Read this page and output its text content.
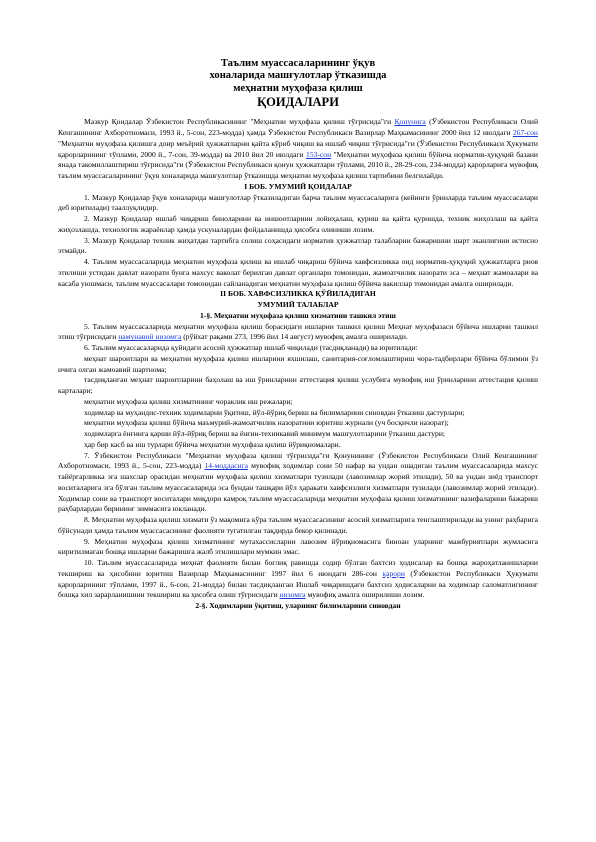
Таълим муассасаларининг ўқув

хоналарида машғулотлар ўтказишда

меҳнатни муҳофаза қилиш

ҚОИДАЛАРИ

Мазкур Қоидалар Ўзбекистон Республикасининг "Меҳнатни муҳофаза қилиш тўғрисида"ги Қонунига (Ўзбекистон Республикаси Олий Кенгашининг Ахборотномаси, 1993 й., 5-сон, 223-модда) ҳамда Ўзбекистон Республикаси Вазирлар Маҳкамасининг 2000 йил 12 июлдаги 267-сон "Меҳнатни муҳофаза қилишга доир меъёрий ҳужжатларни қайта кўриб чиқиш ва ишлаб чиқиш тўғрисида"ги (Ўзбекистон Республикаси Ҳукумати қарорларининг тўплами, 2000 й., 7-сон, 39-модда) ва 2010 йил 20 июлдаги 153-сон "Меҳнатни муҳофаза қилиш бўйича норматив-ҳуқуқий базани янада такомиллаштириш тўғрисида"ги (Ўзбекистон Республикаси қонун ҳужжатлари тўплами, 2010 й., 28-29-сон, 234-модда) қарорларига мувофиқ таълим муассасаларининг ўқув хоналарида машғулотлар ўтказишда меҳнатни муҳофаза қилиш тартибини белгилайди.

I БОБ. УМУМИЙ ҚОИДАЛАР

1. Мазкур Қоидалар ўқув хоналарида машғулотлар ўтказиладиган барча таълим муассасаларига (кейинги ўринларда таълим муассасалари деб юритилади) тааллуқлидир.

2. Мазкур Қоидалар ишлаб чиқариш биноларини ва иншоотларини лойиҳалаш, қуриш ва қайта қуришда, техник жиҳозлаш ва қайта жиҳозлашда, технологик жараёнлар ҳамда ускуналардан фойдаланишда ҳисобга олиниши лозим.

3. Мазкур Қоидалар техник жиҳатдан тартибга солиш соҳасидаги норматив ҳужжатлар талабларни бажаришни шарт эканлигини истисно этмайди.

4. Таълим муассасаларида меҳнатни муҳофаза қилиш ва ишлаб чиқариш бўйича хавфсизликка оид норматив-ҳуқуқий ҳужжатларга риоя этилиши устидан давлат назорати бунга махсус ваколат берилган давлат органлари томонидан, жамоатчилик назорати эса – меҳнат жамоалари ва касаба уюшмаси, таълим муассасалари томонидан сайланадиган меҳнатни муҳофаза қилиш бўйича вакиллар томонидан амалга оширилади.

II БОБ. ХАВФСИЗЛИККА ҚЎЙИЛАДИГАН

УМУМИЙ ТАЛАБЛАР

1-§. Меҳнатни муҳофаза қилиш хизматини ташкил этиш

5. Таълим муассасаларида меҳнатни муҳофаза қилиш борасидаги ишларни ташкил қилиш Меҳнат муҳофазаси бўйича ишларни ташкил этиш тўғрисидаги намунавий низомга (рўйхат рақами 273, 1996 йил 14 август) мувофиқ амалга оширилади.

6. Таълим муассасаларида қуйидаги асосий ҳужжатлар ишлаб чиқилади (тасдиқланади) ва юритилади:

меҳнат шароитлари ва меҳнатни муҳофаза қилиш ишларини яхшилаш, санитария-соғломлаштириш чора-тадбирлари бўйича бўлимни ўз ичига олган жамоавий шартнома;

тасдиқланган меҳнат шароитларини баҳолаш ва иш ўринларини аттестация қилиш услубига мувофиқ иш ўринларини аттестация қилиш карталари;

меҳнатни муҳофаза қилиш хизматининг чораклик иш режалари;

ходимлар ва муҳандис-техник ходимларни ўқитиш, йўл-йўриқ бериш ва билимларини синовдан ўтказиш дастурлари;

меҳнатни муҳофаза қилиш бўйича маъмурий-жамоатчилик назоратини юритиш журнали (уч босқичли назорат);

ходимларга ёнғинга қарши йўл-йўриқ бериш ва ёнғин-техникавий минимум машғулотларини ўтказиш дастури;

ҳар бир касб ва иш турлари бўйича меҳнатни муҳофаза қилиш йўриқномалари.

7. Ўзбекистон Республикаси "Меҳнатни муҳофаза қилиш тўғрисида"ги Қонунининг (Ўзбекистон Республикаси Олий Кенгашининг Ахборотномаси, 1993 й., 5-сон, 223-модда) 14-моддасига мувофиқ ходимлар сони 50 нафар ва ундан ошадиган таълим муассасаларида махсус тайёргарликка эга шахслар орасидан меҳнатни муҳофаза қилиш хизматлари тузилади (лавозимлар жорий этилади), 50 ва ундан зиёд транспорт воситаларига эга бўлган таълим муассасаларида эса бундан ташқари йўл ҳаракати хавфсизлиги хизматлари тузилади (лавозимлар жорий этилади). Ходимлар сони ва транспорт воситалари миқдори камроқ таълим муассасаларида меҳнатни муҳофаза қилиш хизматининг вазифаларини бажариш раҳбарлардан бирининг зиммасига юкланади.

8. Меҳнатни муҳофаза қилиш хизмати ўз мақомига кўра таълим муассасасининг асосий хизматларига тенглаштирилади ва унинг раҳбарига бўйсунади ҳамда таълим муассасасининг фаолияти тугатилган тақдирда бекор қилинади.

9. Меҳнатни муҳофаза қилиш хизматининг мутахассисларни лавозим йўриқномасига биноан уларнинг мажбуриятлари жумласига киритилмаган бошқа ишларни бажаришга жалб этилишлари мумкин эмас.

10. Таълим муассасаларида меҳнат фаолияти билан боғлиқ равишда содир бўлган бахтсиз ҳодисалар ва бошқа жароҳатланишларни текшириш ва ҳисобини юритиш Вазирлар Маҳкамасининг 1997 йил 6 июндаги 286-сон қарори (Ўзбекистон Республикаси Ҳукумати қарорларининг тўплами, 1997 й., 6-сон, 21-модда) билан тасдиқланган Ишлаб чиқаришдаги бахтсиз ҳодисаларни ва ходимлар саломатлигининг бошқа хил зарарланишини текшириш ва ҳисобга олиш тўғрисидаги низомга мувофиқ амалга оширилиши лозим.

2-§. Ходимларни ўқитиш, уларнинг билимларини синовдан
